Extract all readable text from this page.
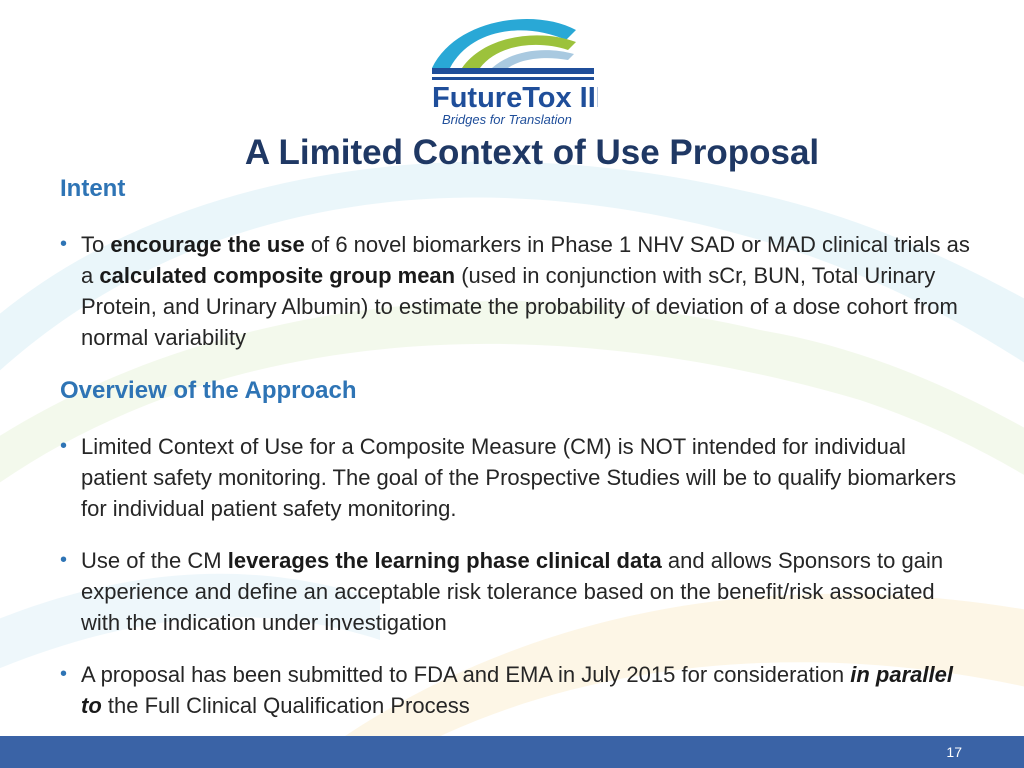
FutureTox III
Bridges for Translation
A Limited Context of Use Proposal
Intent

• To encourage the use of 6 novel biomarkers in Phase 1 NHV SAD or MAD clinical trials as a calculated composite group mean (used in conjunction with sCr, BUN, Total Urinary Protein, and Urinary Albumin) to estimate the probability of deviation of a dose cohort from normal variability

Overview of the Approach

• Limited Context of Use for a Composite Measure (CM) is NOT intended for individual patient safety monitoring. The goal of the Prospective Studies will be to qualify biomarkers for individual patient safety monitoring.

• Use of the CM leverages the learning phase clinical data and allows Sponsors to gain experience and define an acceptable risk tolerance based on the benefit/risk associated with the indication under investigation

• A proposal has been submitted to FDA and EMA in July 2015 for consideration in parallel to the Full Clinical Qualification Process

17
